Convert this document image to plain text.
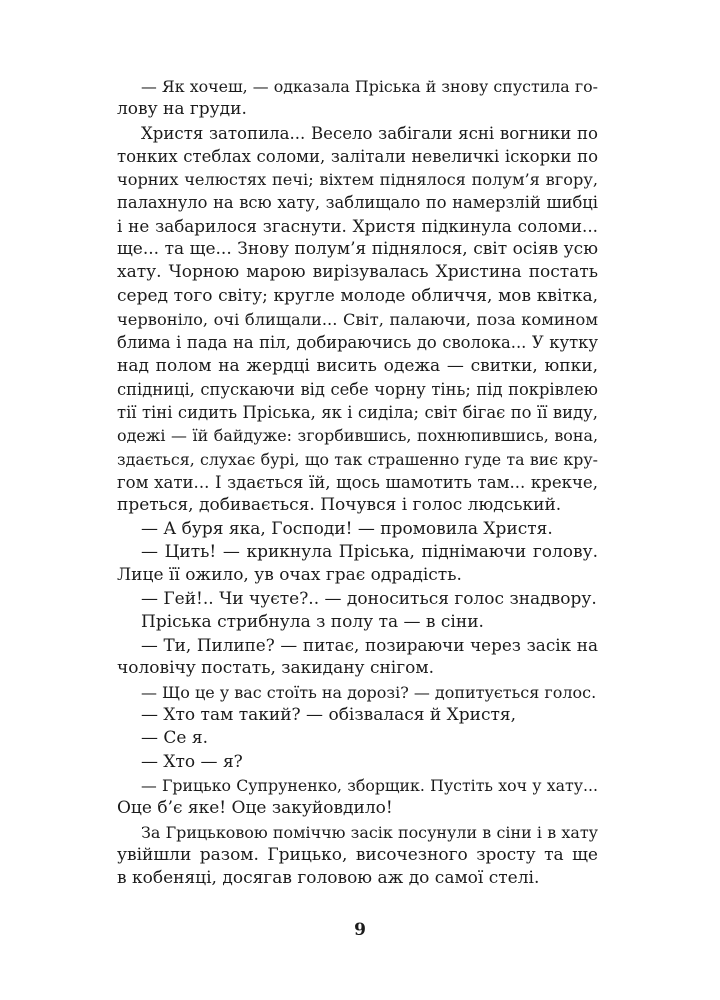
— Як хочеш, — одказала Пріська й знову спустила го-
лову на груди.

Христя затопила... Весело забігали ясні вогники по
тонких стеблах соломи, залітали невеличкі іскорки по
чорних челюстях печі; вiхтем піднялося полум’я вгору,
палахнуло на всю хату, заблищало по намерзлій шибці
і не забарилося згаснути. Христя підкинула соломи...
ще... та ще... Знову полум’я піднялося, світ осіяв усю
хату. Чорною марою вирізувалась Христина постать
серед того світу; кругле молоде обличчя, мов квітка,
червоніло, очі блищали... Світ, палаючи, поза комином
блима і пада на піл, добираючись до сволока... У кутку
над полом на жердці висить одежа — свитки, юпки,
спідниці, спускаючи від себе чорну тінь; під покрівлею
тії тіні сидить Пріська, як і сиділа; світ бігає по її виду,
одежі — їй байдуже: згорбившись, похнюпившись, вона,
здається, слухає бурі, що так страшенно гуде та виє кру-
гом хати... І здається їй, щось шамотить там... крекче,
преться, добивається. Почувся і голос людський.

— А буря яка, Господи! — промовила Христя.

— Цить! — крикнула Пріська, піднімаючи голову.
Лице її ожило, ув очах грає одрадість.

— Гей!.. Чи чуєте?.. — доноситься голос знадвору.

Пріська стрибнула з полу та — в сіни.

— Ти, Пилипе? — питає, позираючи через засік на
чоловічу постать, закидану снігом.

— Що це у вас стоїть на дорозі? — допитується голос.

— Хто там такий? — обізвалася й Христя,

— Се я.

— Хто — я?

— Грицько Супруненко, зборщик. Пустіть хоч у хату...
Оце б’є яке! Оце закуйовдило!

За Грицьковою поміччю засік посунули в сіни і в хату
увійшли разом. Грицько, височезного зросту та ще
в кобеняці, досягав головою аж до самої стелі.

9
